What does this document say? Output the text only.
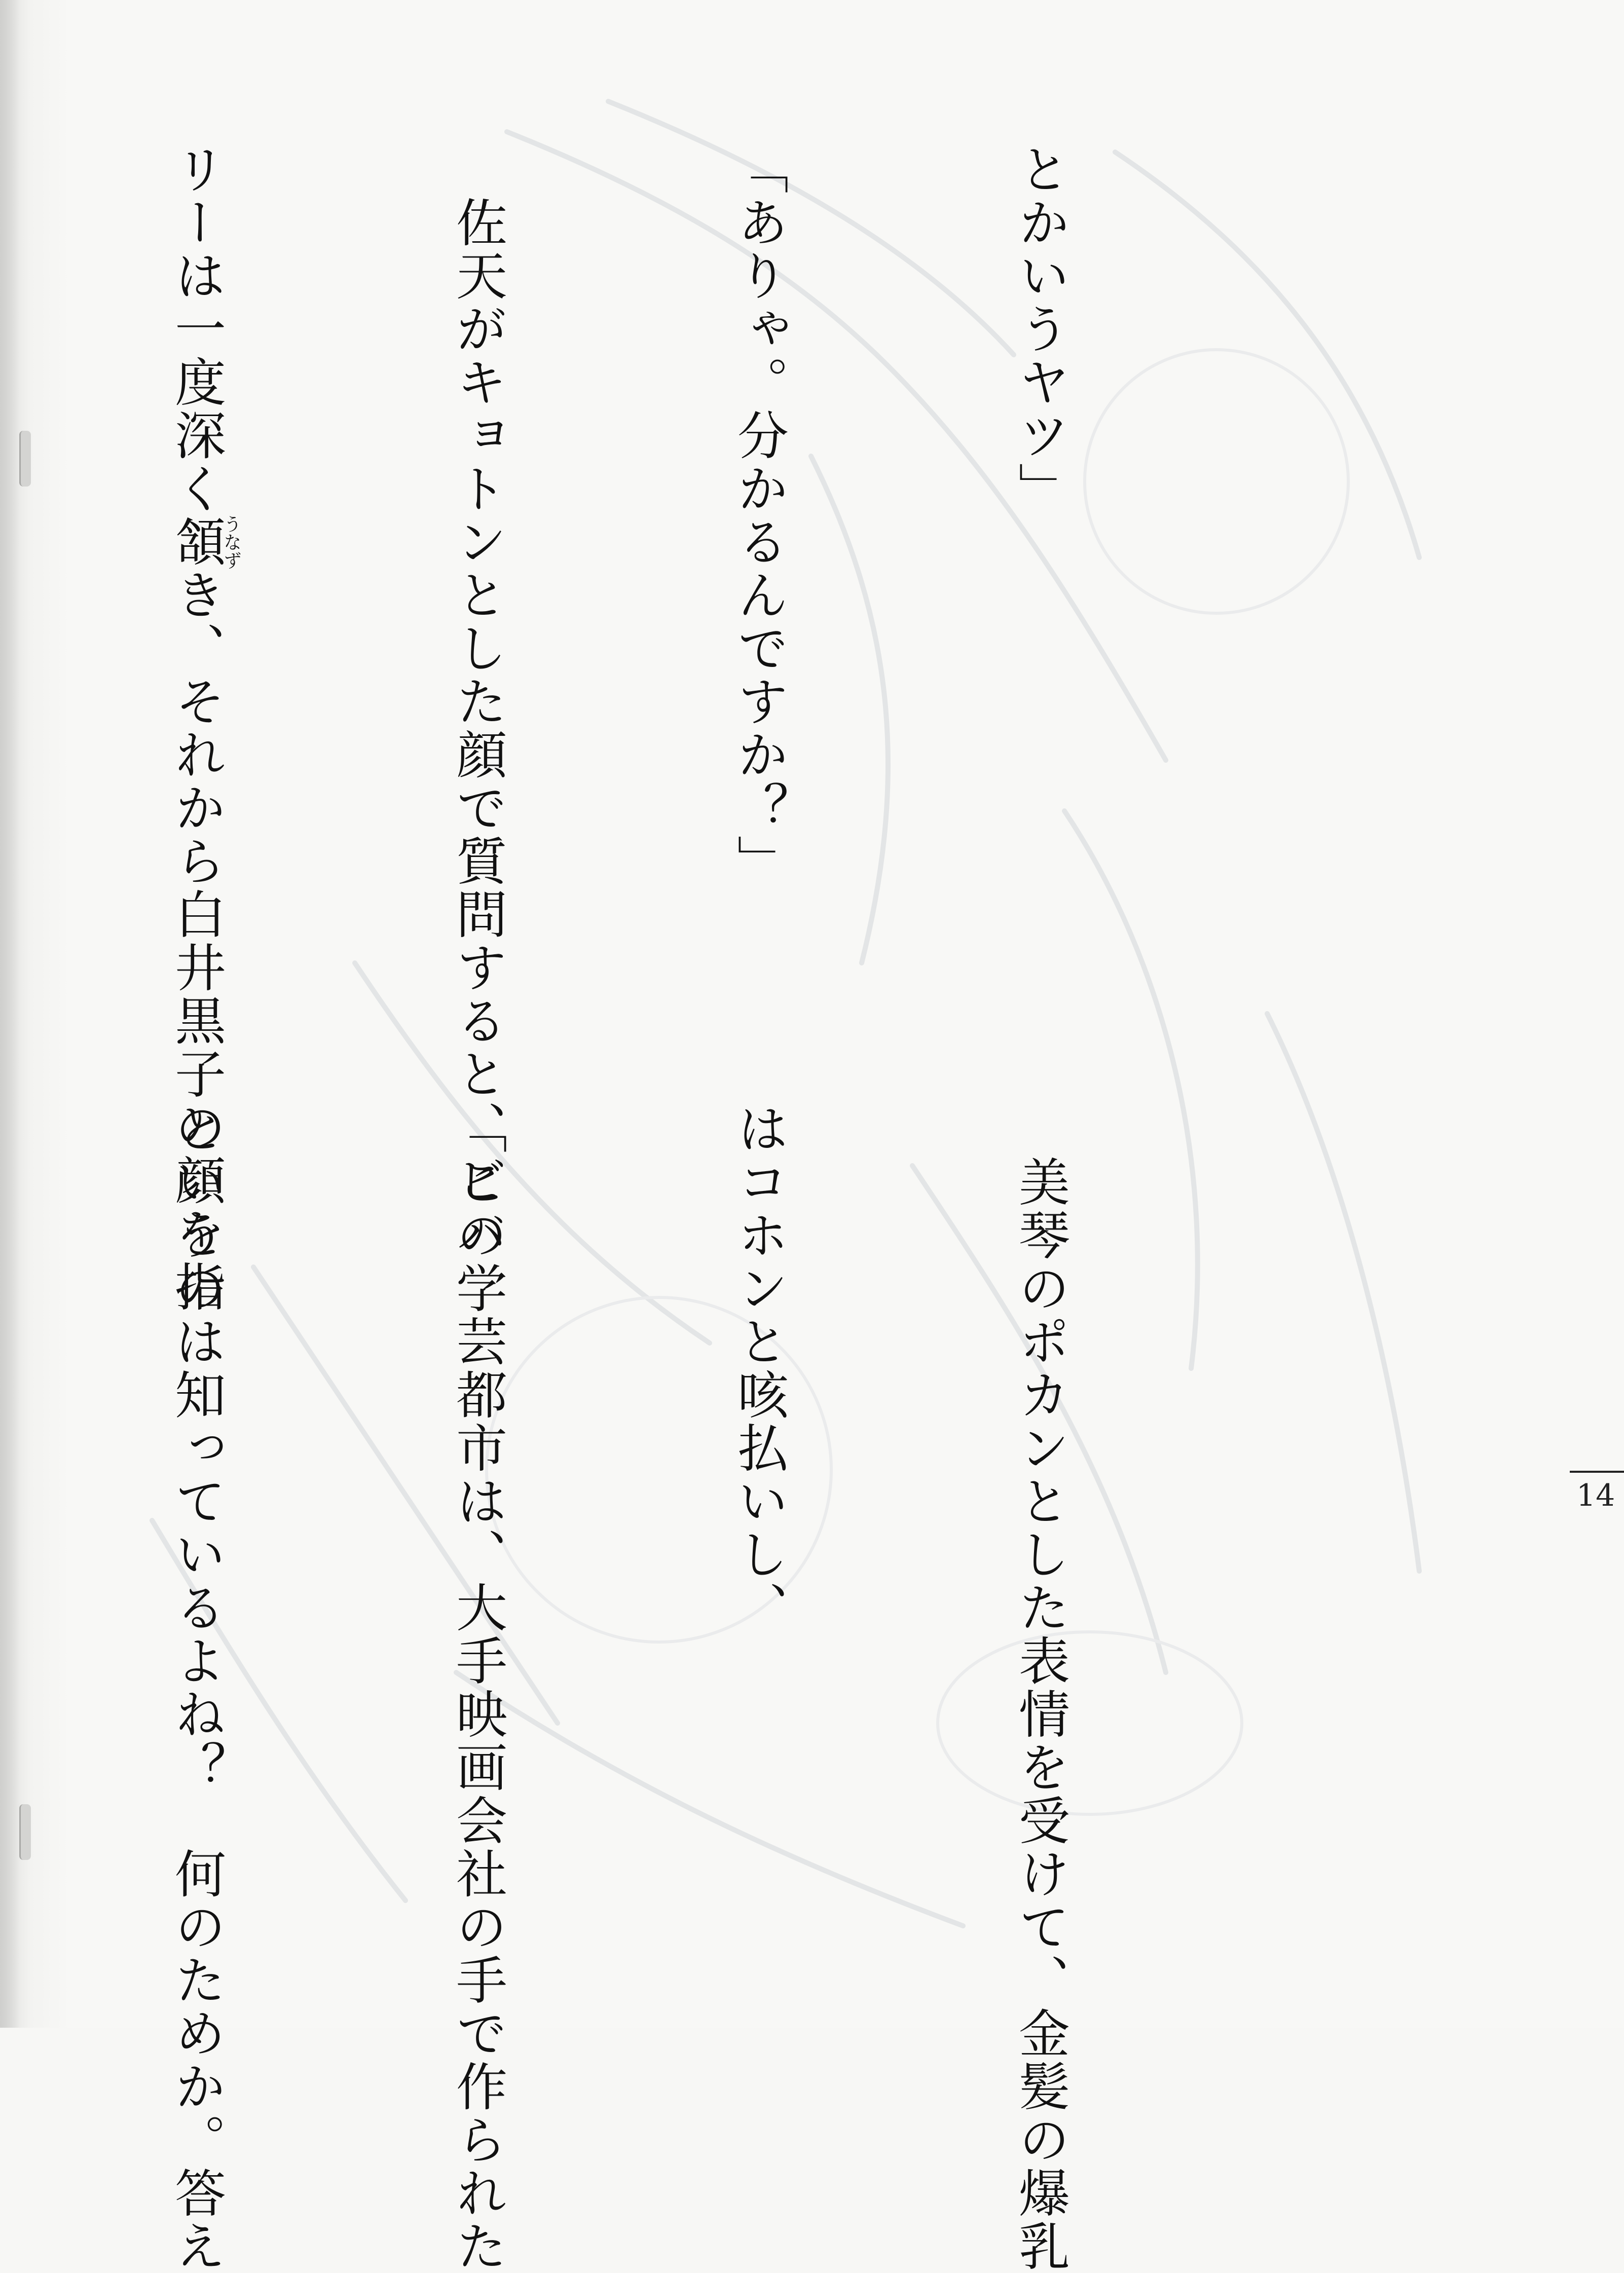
とかいうヤツ」

「ありゃ。分かるんですか？」

　佐天がキョトンとした顔で質問すると、ビバ

リーは一度深く頷うなずき、それから白井黒子の顔を指

　美琴のポカンとした表情を受けて、金髪の爆乳

はコホンと咳払いし、

「この学芸都市は、大手映画会社の手で作られた

というのは知っているよね？　何のためか。答え

	14
